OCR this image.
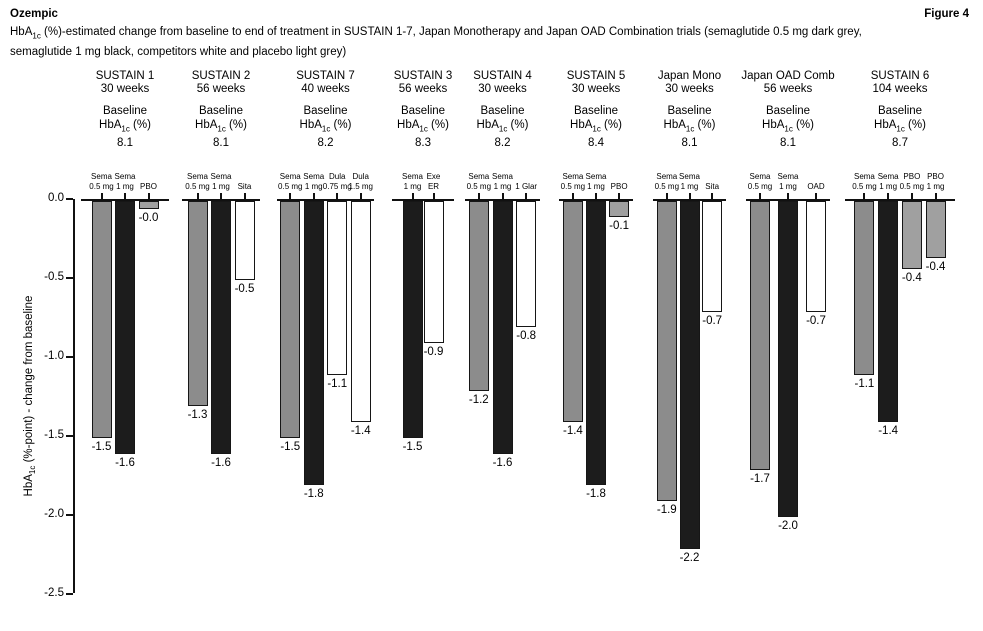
Ozempic	Figure 4
HbA$_{1c}$ (%)-estimated change from baseline to end of treatment in SUSTAIN 1-7, Japan Monotherapy and Japan OAD Combination trials (semaglutide 0.5 mg dark grey,
semaglutide 1 mg black, competitors white and placebo light grey)
HbA$_{1c}$ (%-point) - change from baseline
0.0
-0.5
-1.0
-1.5
-2.0
-2.5
SUSTAIN 1
30 weeks
Baseline
HbA$_{1c}$ (%)
8.1
Sema
0.5 mg
Sema
1 mg PBO
-1.5
-1.6
-0.0
SUSTAIN 2
56 weeks
Baseline
HbA$_{1c}$ (%)
8.1
Sema
0.5 mg
Sema
1 mg Sita
-1.3
-1.6
-0.5
SUSTAIN 7
40 weeks
Baseline
HbA$_{1c}$ (%)
8.2
Sema
0.5 mg
Sema
1 mg
Dula
0.75 mg
Dula
1.5 mg
-1.5
-1.8
-1.1
-1.4
SUSTAIN 3
56 weeks
Baseline
HbA$_{1c}$ (%)
8.3
Sema
1 mg
Exe
ER
-1.5
-0.9
SUSTAIN 4
30 weeks
Baseline
HbA$_{1c}$ (%)
8.2
Sema
0.5 mg
Sema
1 mg 1 Glar
-1.2
-1.6
-0.8
SUSTAIN 5
30 weeks
Baseline
HbA$_{1c}$ (%)
8.4
Sema
0.5 mg
Sema
1 mg PBO
-1.4
-1.8
-0.1
Japan Mono
30 weeks
Baseline
HbA$_{1c}$ (%)
8.1
Sema
0.5 mg
Sema
1 mg Sita
-1.9
-2.2
-0.7
Japan OAD Comb
56 weeks
Baseline
HbA$_{1c}$ (%)
8.1
Sema
0.5 mg
Sema
1 mg	OAD
-1.7
-2.0
-0.7
SUSTAIN 6
104 weeks
Baseline
HbA$_{1c}$ (%)
8.7
Sema
0.5 mg
Sema
1 mg
PBO
0.5 mg
PBO
1 mg
-1.1
-1.4
-0.4
-0.4
